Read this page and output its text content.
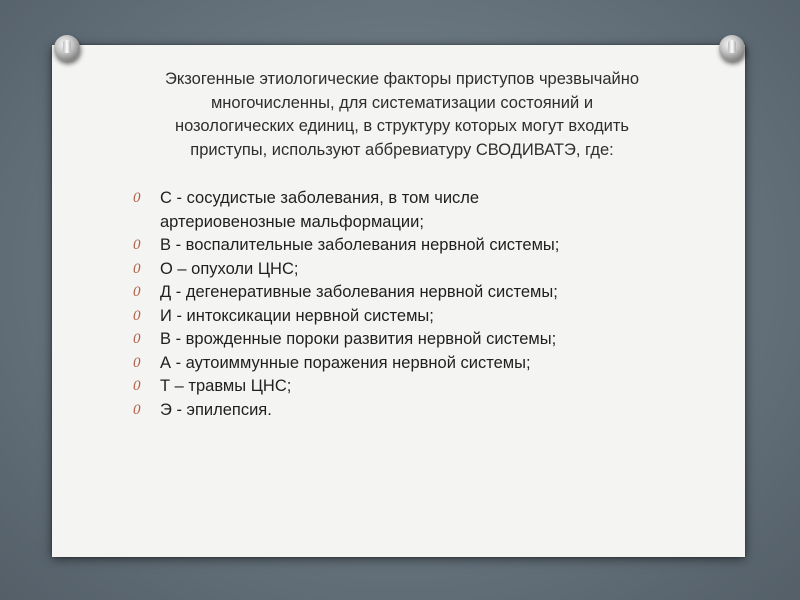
Экзогенные этиологические факторы приступов чрезвычайно
многочисленны, для систематизации состояний и
нозологических единиц, в структуру которых могут входить
приступы, используют аббревиатуру СВОДИВАТЭ, где:

0 С - сосудистые заболевания, в том числе
артериовенозные мальформации;
0 В - воспалительные заболевания нервной системы;
0 О – опухоли ЦНС;
0 Д - дегенеративные заболевания нервной системы;
0 И - интоксикации нервной системы;
0 В - врожденные пороки развития нервной системы;
0 А - аутоиммунные поражения нервной системы;
0 Т – травмы ЦНС;
0 Э - эпилепсия.
